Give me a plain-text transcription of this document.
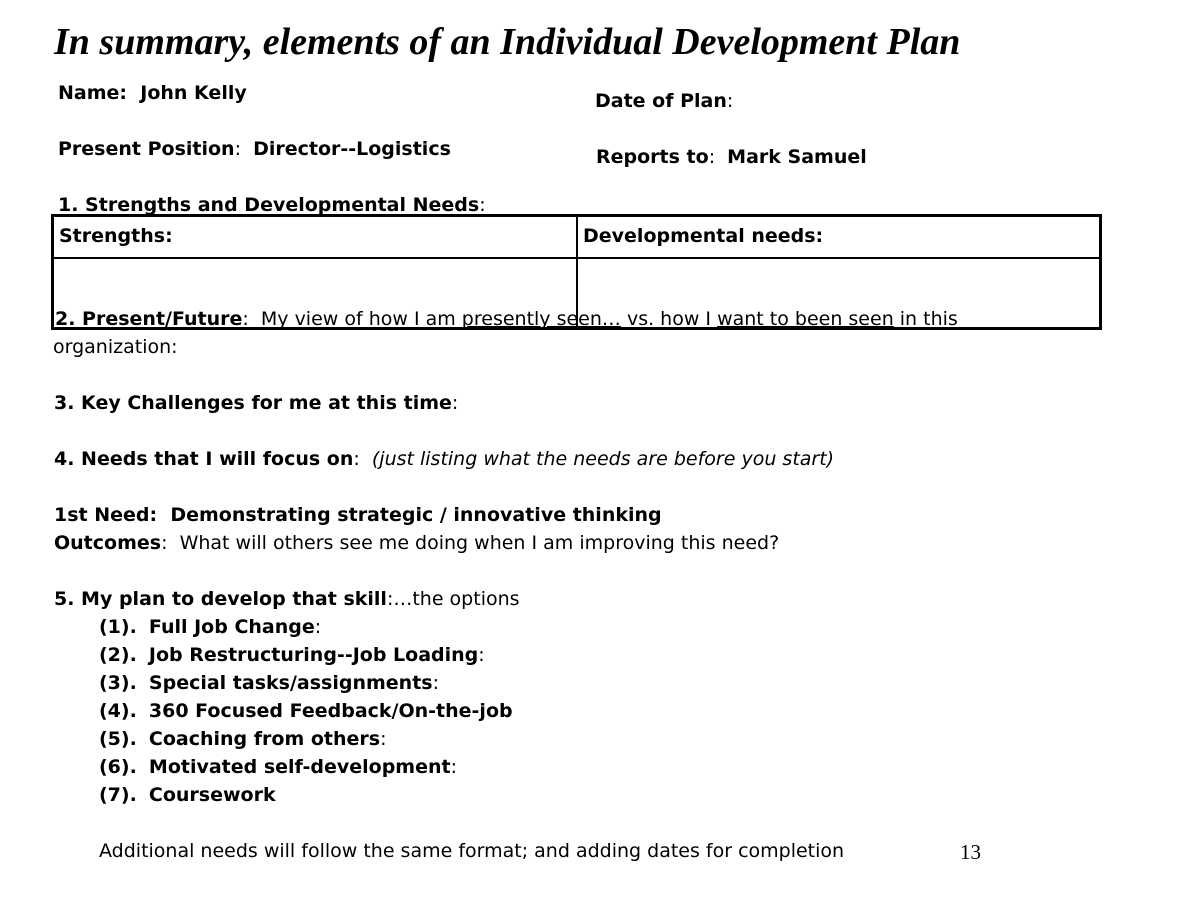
In summary, elements of an Individual Development Plan
Name:  John Kelly	Date of Plan:
Present Position:  Director--Logistics	Reports to:  Mark Samuel
1. Strengths and Developmental Needs:
Strengths:	Developmental needs:
2. Present/Future:  My view of how I am presently seen… vs. how I want to been seen in this
organization:
3. Key Challenges for me at this time:
4. Needs that I will focus on:  (just listing what the needs are before you start)
1st Need: Demonstrating strategic / innovative thinking
Outcomes:  What will others see me doing when I am improving this need?
5. My plan to develop that skill:…the options
(1). Full Job Change:
(2). Job Restructuring--Job Loading:
(3). Special tasks/assignments:
(4). 360 Focused Feedback/On-the-job
(5). Coaching from others:
(6). Motivated self-development:
(7). Coursework
Additional needs will follow the same format; and adding dates for completion	13
